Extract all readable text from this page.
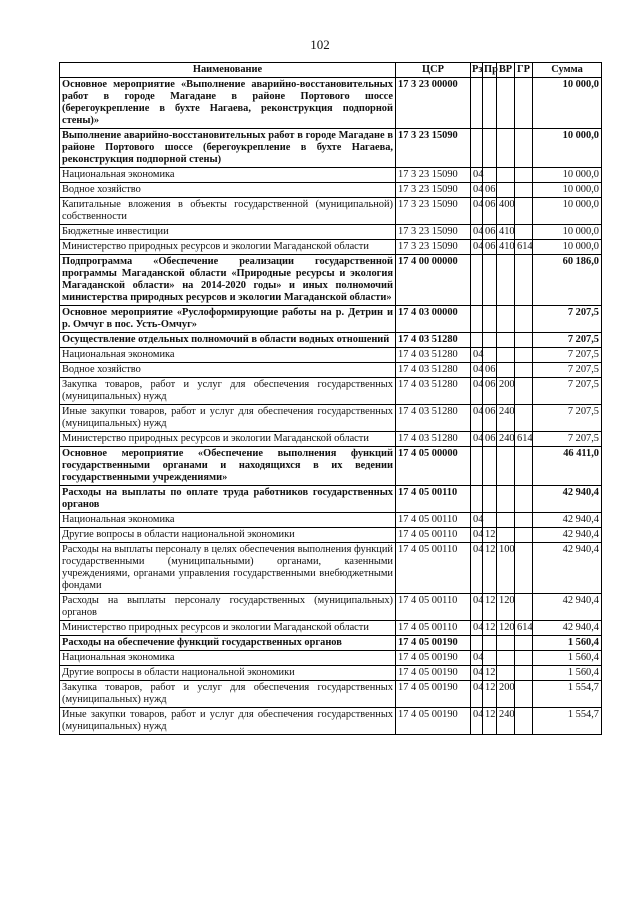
102
Наименование	ЦСР	Рз	Пр	ВР	ГР	Сумма
Основное мероприятие «Выполнение аварийно-восстановительных работ в городе Магадане в районе Портового шоссе (берегоукрепление в бухте Нагаева, реконструкция подпорной стены)»	17 3 23 00000					10 000,0
Выполнение аварийно-восстановительных работ в городе Магадане в районе Портового шоссе (берегоукрепление в бухте Нагаева, реконструкция подпорной стены)	17 3 23 15090					10 000,0
Национальная экономика	17 3 23 15090	04				10 000,0
Водное хозяйство	17 3 23 15090	04	06			10 000,0
Капитальные вложения в объекты государственной (муниципальной) собственности	17 3 23 15090	04	06	400		10 000,0
Бюджетные инвестиции	17 3 23 15090	04	06	410		10 000,0
Министерство природных ресурсов и экологии Магаданской области	17 3 23 15090	04	06	410	614	10 000,0
Подпрограмма «Обеспечение реализации государственной программы Магаданской области «Природные ресурсы и экология Магаданской области» на 2014-2020 годы» и иных полномочий министерства природных ресурсов и экологии Магаданской области»	17 4 00 00000					60 186,0
Основное мероприятие «Руслоформирующие работы на р. Детрин и р. Омчуг в пос. Усть-Омчуг»	17 4 03 00000					7 207,5
Осуществление отдельных полномочий в области водных отношений	17 4 03 51280					7 207,5
Национальная экономика	17 4 03 51280	04				7 207,5
Водное хозяйство	17 4 03 51280	04	06			7 207,5
Закупка товаров, работ и услуг для обеспечения государственных (муниципальных) нужд	17 4 03 51280	04	06	200		7 207,5
Иные закупки товаров, работ и услуг для обеспечения государственных (муниципальных) нужд	17 4 03 51280	04	06	240		7 207,5
Министерство природных ресурсов и экологии Магаданской области	17 4 03 51280	04	06	240	614	7 207,5
Основное мероприятие «Обеспечение выполнения функций государственными органами и находящихся в их ведении государственными учреждениями»	17 4 05 00000					46 411,0
Расходы на выплаты по оплате труда работников государственных органов	17 4 05 00110					42 940,4
Национальная экономика	17 4 05 00110	04				42 940,4
Другие вопросы в области национальной экономики	17 4 05 00110	04	12			42 940,4
Расходы на выплаты персоналу в целях обеспечения выполнения функций государственными (муниципальными) органами, казенными учреждениями, органами управления государственными внебюджетными фондами	17 4 05 00110	04	12	100		42 940,4
Расходы на выплаты персоналу государственных (муниципальных) органов	17 4 05 00110	04	12	120		42 940,4
Министерство природных ресурсов и экологии Магаданской области	17 4 05 00110	04	12	120	614	42 940,4
Расходы на обеспечение функций государственных органов	17 4 05 00190					1 560,4
Национальная экономика	17 4 05 00190	04				1 560,4
Другие вопросы в области национальной экономики	17 4 05 00190	04	12			1 560,4
Закупка товаров, работ и услуг для обеспечения государственных (муниципальных) нужд	17 4 05 00190	04	12	200		1 554,7
Иные закупки товаров, работ и услуг для обеспечения государственных (муниципальных) нужд	17 4 05 00190	04	12	240		1 554,7
